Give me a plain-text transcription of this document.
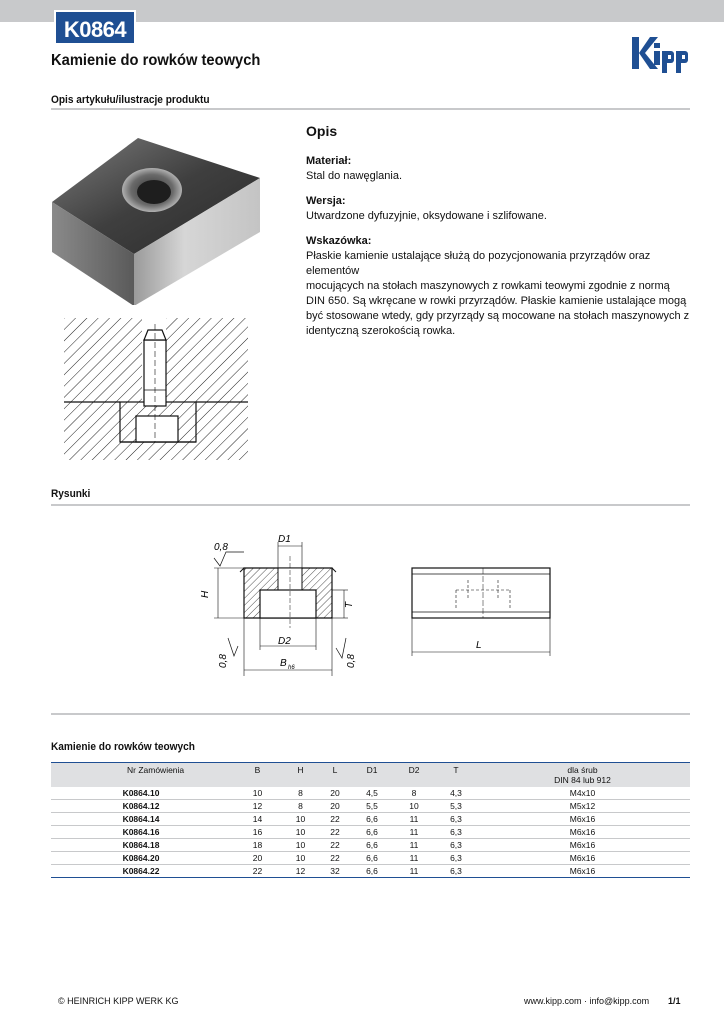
K0864
Kamienie do rowków teowych
Opis artykułu/ilustracje produktu
Opis

Materiał:
Stal do nawęglania.

Wersja:
Utwardzone dyfuzyjnie, oksydowane i szlifowane.

Wskazówka:
Płaskie kamienie ustalające służą do pozycjonowania przyrządów oraz elementów
mocujących na stołach maszynowych z rowkami teowymi zgodnie z normą
DIN 650. Są wkręcane w rowki przyrządów. Płaskie kamienie ustalające mogą
być stosowane wtedy, gdy przyrządy są mocowane na stołach maszynowych z
identyczną szerokością rowka.

Rysunki
D1
H
0,8
T
D2
B h6
0,8	0,8
L
Kamienie do rowków teowych
Nr Zamówienia	B	H	L	D1	D2	T	dla śrub
DIN 84 lub 912
K0864.10	10	8	20	4,5	8	4,3	M4x10
K0864.12	12	8	20	5,5	10	5,3	M5x12
K0864.14	14	10	22	6,6	11	6,3	M6x16
K0864.16	16	10	22	6,6	11	6,3	M6x16
K0864.18	18	10	22	6,6	11	6,3	M6x16
K0864.20	20	10	22	6,6	11	6,3	M6x16
K0864.22	22	12	32	6,6	11	6,3	M6x16
© HEINRICH KIPP WERK KG	www.kipp.com · info@kipp.com 1/1
